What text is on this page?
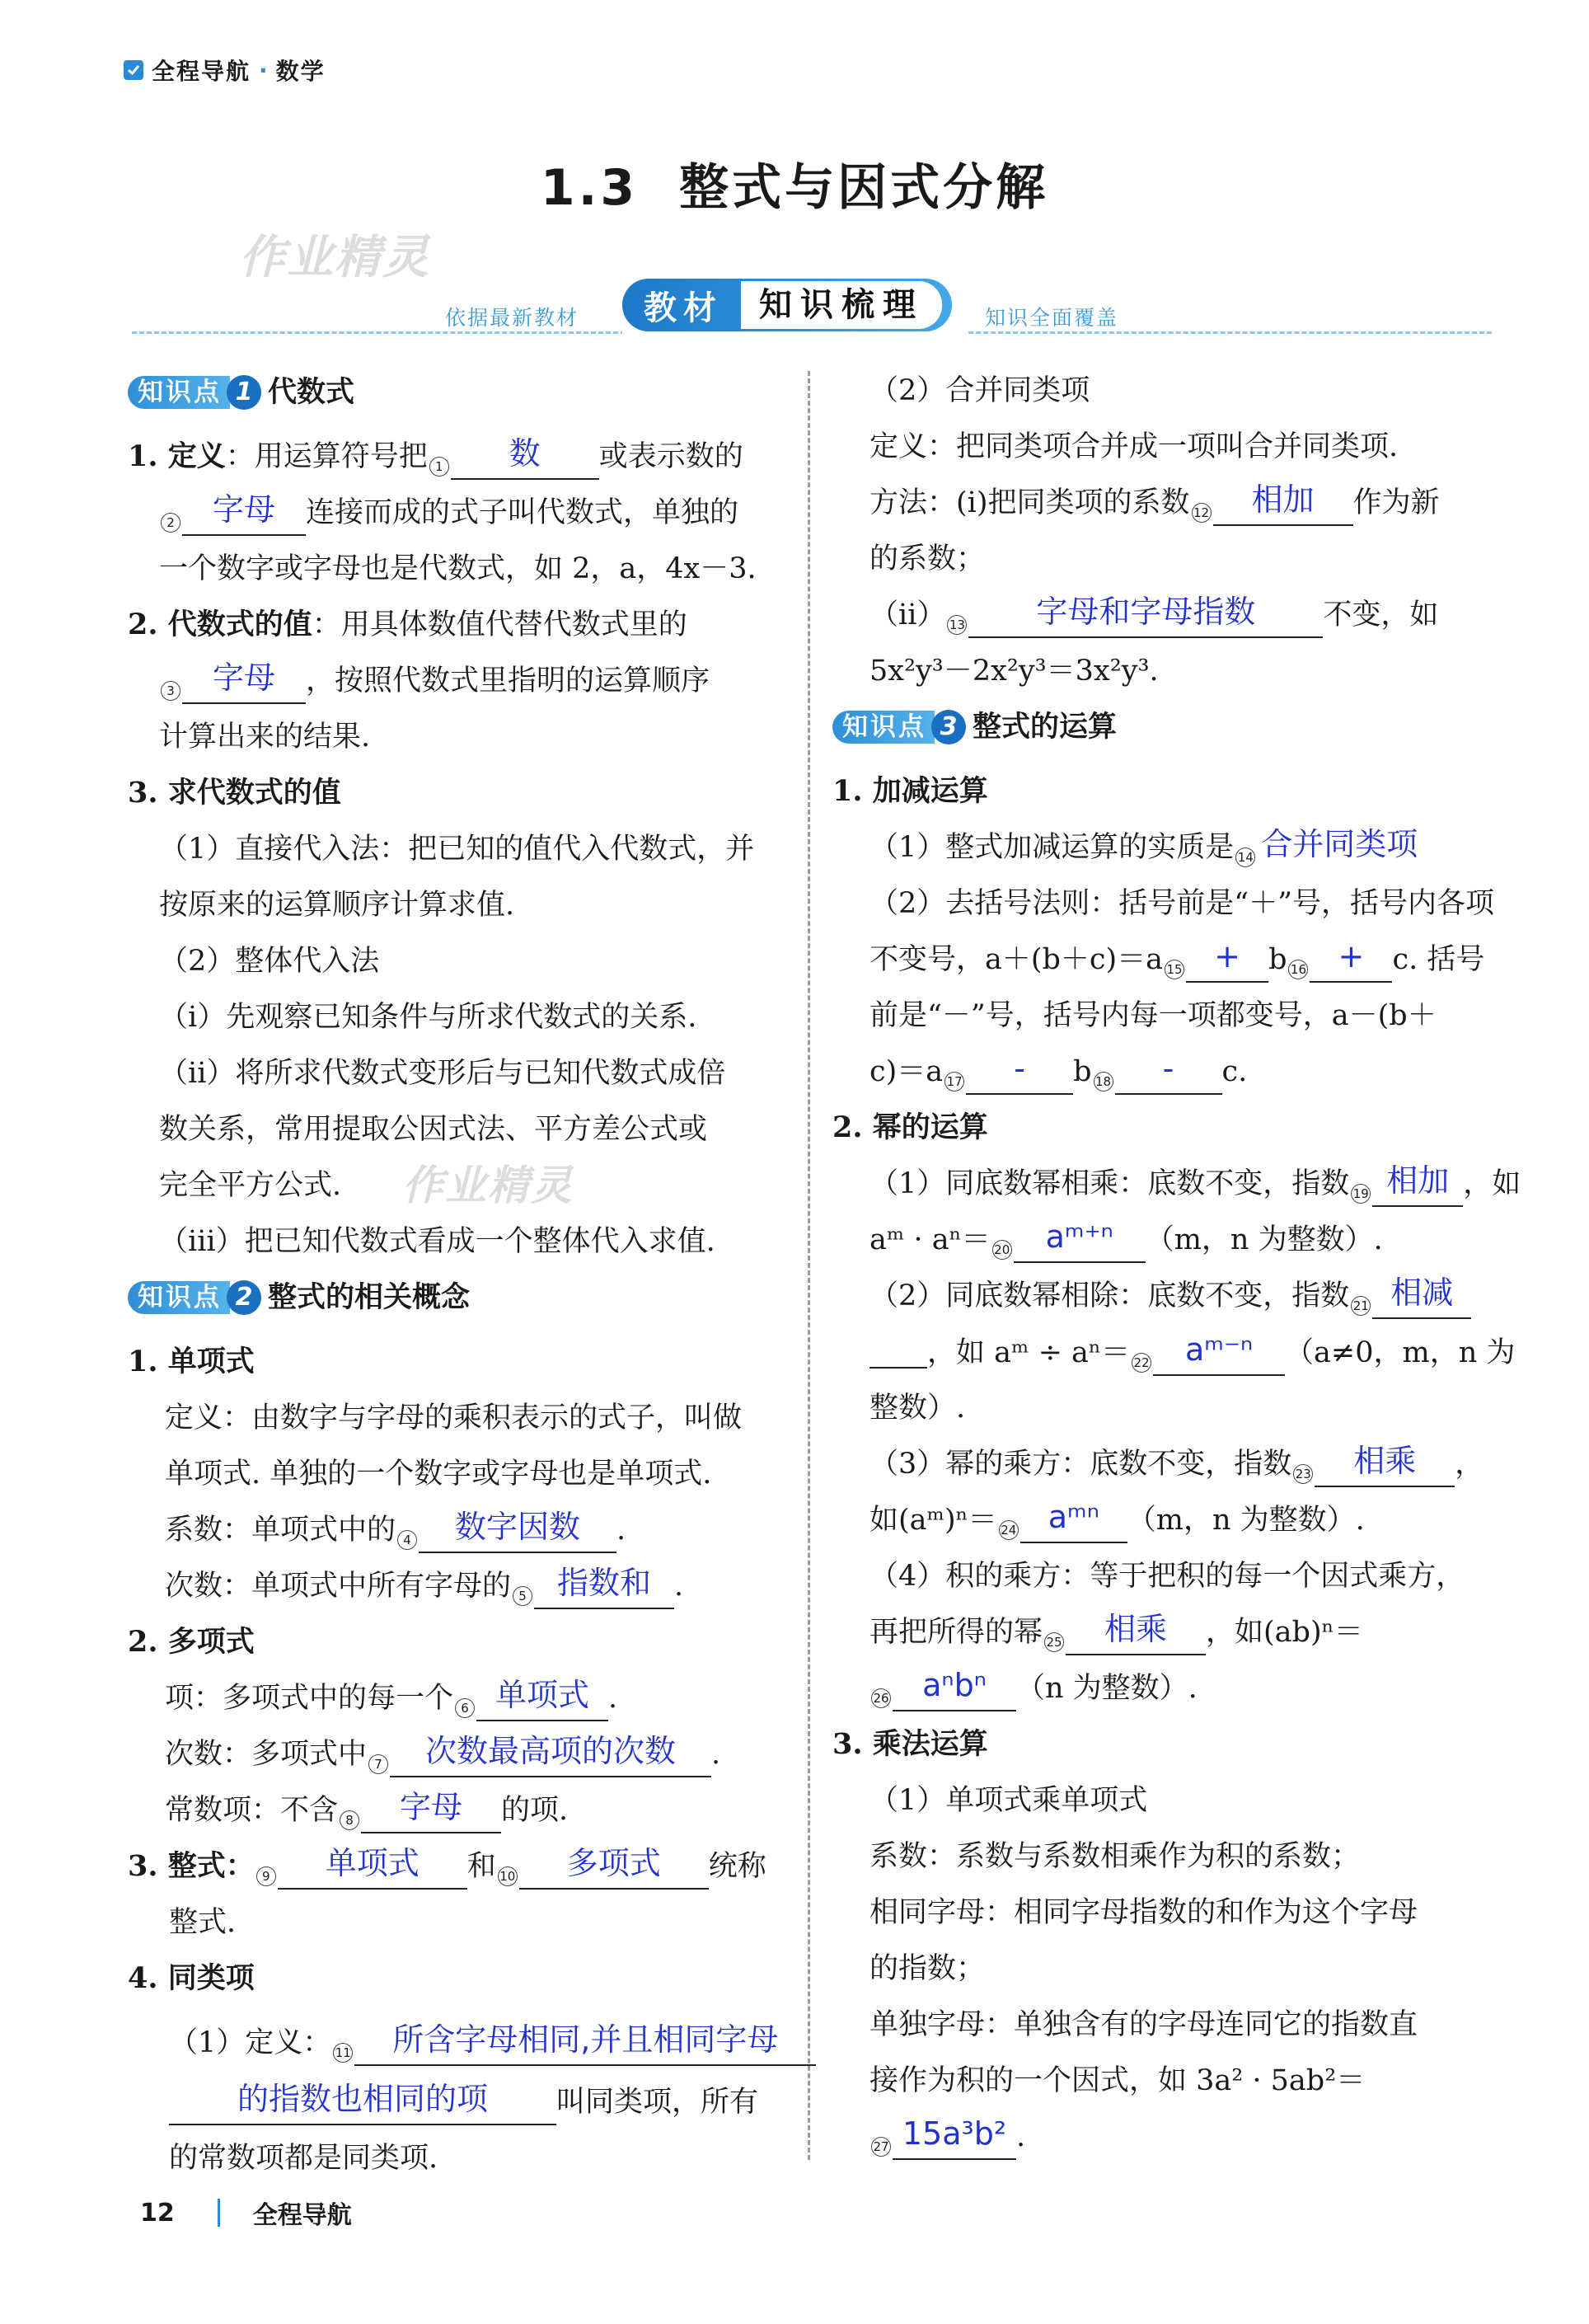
全程导航 · 数学
1.3 整式与因式分解
作业精灵
作业精灵
依据最新教材	知识全面覆盖
教材	知识梳理
知识点 1 代数式
1. 定义：用运算符号把 1 数 或表示数的
2 字母 连接而成的式子叫代数式，单独的
一个数字或字母也是代数式，如 2，a，4x－3.
2. 代数式的值：用具体数值代替代数式里的
3 字母 ，按照代数式里指明的运算顺序
计算出来的结果.
3. 求代数式的值
（1）直接代入法：把已知的值代入代数式，并
按原来的运算顺序计算求值.
（2）整体代入法
（i）先观察已知条件与所求代数式的关系.
（ii）将所求代数式变形后与已知代数式成倍
数关系，常用提取公因式法、平方差公式或
完全平方公式.
（iii）把已知代数式看成一个整体代入求值.
知识点 2 整式的相关概念
1. 单项式
定义：由数字与字母的乘积表示的式子，叫做
单项式. 单独的一个数字或字母也是单项式.
系数：单项式中的 4 数字因数 .
次数：单项式中所有字母的 5 指数和 .
2. 多项式
项：多项式中的每一个 6 单项式 .
次数：多项式中 7 次数最高项的次数 .
常数项：不含 8 字母 的项.
3. 整式： 9 单项式 和 10 多项式 统称
整式.
4. 同类项
（1）定义： 11 所含字母相同,并且相同字母
的指数也相同的项 叫同类项，所有
的常数项都是同类项.
（2）合并同类项
定义：把同类项合并成一项叫合并同类项.
方法：(i)把同类项的系数 12 相加 作为新
的系数；
（ⅱ） 13 字母和字母指数 不变，如
5x²y³－2x²y³＝3x²y³.
知识点 3 整式的运算
1. 加减运算
（1）整式加减运算的实质是 14 合并同类项
（2）去括号法则：括号前是“＋”号，括号内各项
不变号，a＋(b＋c)＝a 15 + b 16 + c. 括号
前是“－”号，括号内每一项都变号，a－(b＋
c)＝a 17 - b 18 - c.
2. 幂的运算
（1）同底数幂相乘：底数不变，指数 19 相加 ，如
aᵐ · aⁿ＝ 20 aᵐ⁺ⁿ （m，n 为整数）.
（2）同底数幂相除：底数不变，指数 21 相减
，如 aᵐ ÷ aⁿ＝ 22 aᵐ⁻ⁿ （a≠0，m，n 为
整数）.
（3）幂的乘方：底数不变，指数 23 相乘 ，
如(aᵐ)ⁿ＝ 24 aᵐⁿ （m，n 为整数）.
（4）积的乘方：等于把积的每一个因式乘方，
再把所得的幂 25 相乘 ，如(ab)ⁿ＝
26 aⁿbⁿ （n 为整数）.
3. 乘法运算
（1）单项式乘单项式
系数：系数与系数相乘作为积的系数；
相同字母：相同字母指数的和作为这个字母
的指数；
单独字母：单独含有的字母连同它的指数直
接作为积的一个因式，如 3a² · 5ab²＝
27 15a³b² .
12	全程导航
